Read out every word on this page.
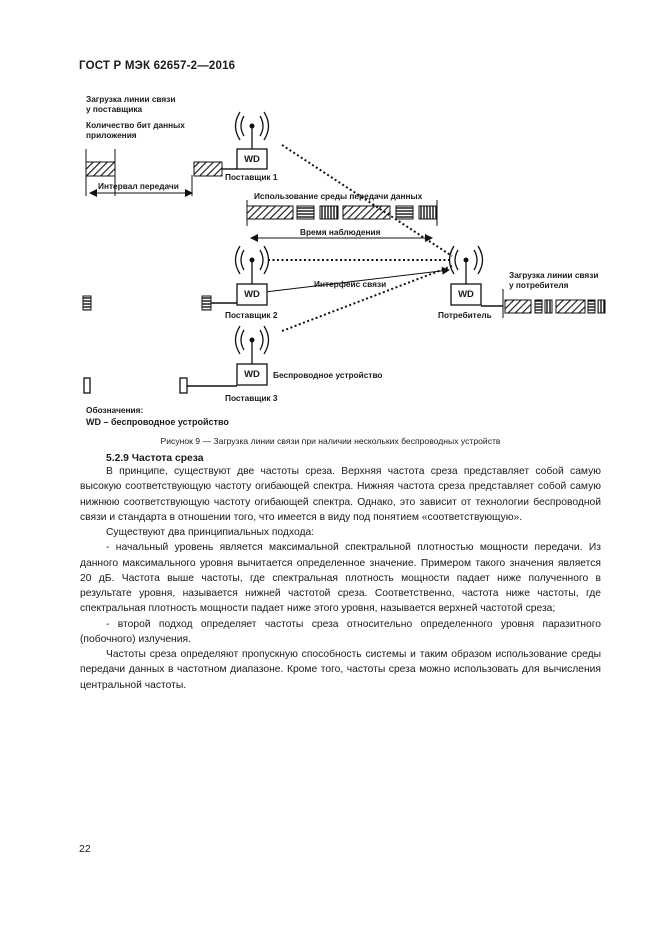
ГОСТ Р МЭК 62657-2—2016
Загрузка линии связи
у поставщика
Количество бит данных
приложения
Интервал передачи
WD
Поставщик 1
Использование среды передачи данных
Время наблюдения
Интерфейс связи
WD
Поставщик 2
WD
Потребитель
Загрузка линии связи
у потребителя
WD	Беспроводное устройство
Поставщик 3
Обозначения:
WD – беспроводное устройство
Рисунок 9 — Загрузка линии связи при наличии нескольких беспроводных устройств
5.2.9 Частота среза

В принципе, существуют две частоты среза. Верхняя частота среза представляет собой самую высокую соответствующую частоту огибающей спектра. Нижняя частота среза представляет собой самую нижнюю соответствующую частоту огибающей спектра. Однако, это зависит от технологии беспроводной связи и стандарта в отношении того, что имеется в виду под понятием «соответствующую».

Существуют два принципиальных подхода:

- начальный уровень является максимальной спектральной плотностью мощности передачи. Из данного максимального уровня вычитается определенное значение. Примером такого значения является 20 дБ. Частота выше частоты, где спектральная плотность мощности падает ниже полученного в результате уровня, называется нижней частотой среза. Соответственно, частота ниже частоты, где спектральная плотность мощности падает ниже этого уровня, называется верхней частотой среза;

- второй подход определяет частоты среза относительно определенного уровня паразитного (побочного) излучения.

Частоты среза определяют пропускную способность системы и таким образом использование среды передачи данных в частотном диапазоне. Кроме того, частоты среза можно использовать для вычисления центральной частоты.

22
